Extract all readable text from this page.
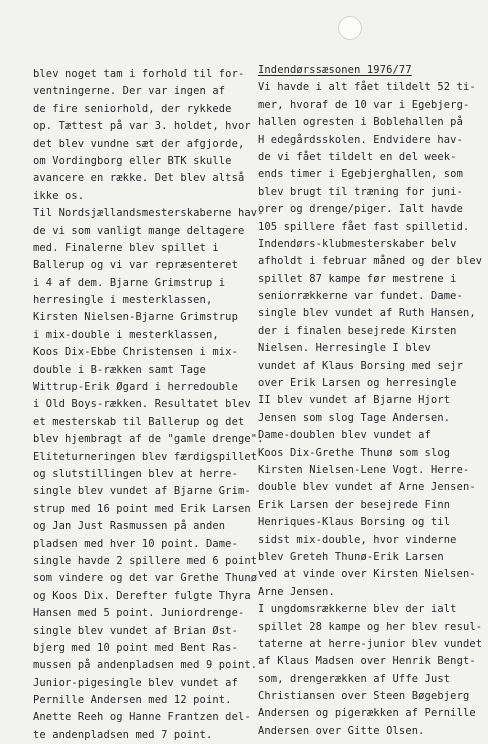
blev noget tam i forhold til for-
ventningerne. Der var ingen af
de fire seniorhold, der rykkede
op. Tættest på var 3. holdet, hvor
det blev vundne sæt der afgjorde,
om Vordingborg eller BTK skulle
avancere en række. Det blev altså
ikke os.
Til Nordsjællandsmesterskaberne hav-
de vi som vanligt mange deltagere
med. Finalerne blev spillet i
Ballerup og vi var repræsenteret
i 4 af dem. Bjarne Grimstrup i
herresingle i mesterklassen,
Kirsten Nielsen-Bjarne Grimstrup
i mix-double i mesterklassen,
Koos Dix-Ebbe Christensen i mix-
double i B-rækken samt Tage
Wittrup-Erik Øgard i herredouble
i Old Boys-rækken. Resultatet blev
et mesterskab til Ballerup og det
blev hjembragt af de "gamle drenge".
Eliteturneringen blev færdigspillet
og slutstillingen blev at herre-
single blev vundet af Bjarne Grim-
strup med 16 point med Erik Larsen
og Jan Just Rasmussen på anden
pladsen med hver 10 point. Dame-
single havde 2 spillere med 6 point
som vindere og det var Grethe Thunø
og Koos Dix. Derefter fulgte Thyra
Hansen med 5 point. Juniordrenge-
single blev vundet af Brian Øst-
bjerg med 10 point med Bent Ras-
mussen på andenpladsen med 9 point.
Junior-pigesingle blev vundet af
Pernille Andersen med 12 point.
Anette Reeh og Hanne Frantzen del-
te andenpladsen med 7 point.
Indendørssæsonen 1976/77
Vi havde i alt fået tildelt 52 ti-
mer, hvoraf de 10 var i Egebjerg-
hallen ogresten i Boblehallen på
H edegårdsskolen. Endvidere hav-
de vi fået tildelt en del week-
ends timer i Egebjerghallen, som
blev brugt til træning for juni-
orer og drenge/piger. Ialt havde
105 spillere fået fast spilletid.
Indendørs-klubmesterskaber belv
afholdt i februar måned og der blev
spillet 87 kampe før mestrene i
seniorrækkerne var fundet. Dame-
single blev vundet af Ruth Hansen,
der i finalen besejrede Kirsten
Nielsen. Herresingle I blev
vundet af Klaus Borsing med sejr
over Erik Larsen og herresingle
II blev vundet af Bjarne Hjort
Jensen som slog Tage Andersen.
Dame-doublen blev vundet af
Koos Dix-Grethe Thunø som slog
Kirsten Nielsen-Lene Vogt. Herre-
double blev vundet af Arne Jensen-
Erik Larsen der besejrede Finn
Henriques-Klaus Borsing og til
sidst mix-double, hvor vinderne
blev Greteh Thunø-Erik Larsen
ved at vinde over Kirsten Nielsen-
Arne Jensen.
I ungdomsrækkerne blev der ialt
spillet 28 kampe og her blev resul-
taterne at herre-junior blev vundet
af Klaus Madsen over Henrik Bengt-
som, drengerækken af Uffe Just
Christiansen over Steen Bøgebjerg
Andersen og pigerækken af Pernille
Andersen over Gitte Olsen.
